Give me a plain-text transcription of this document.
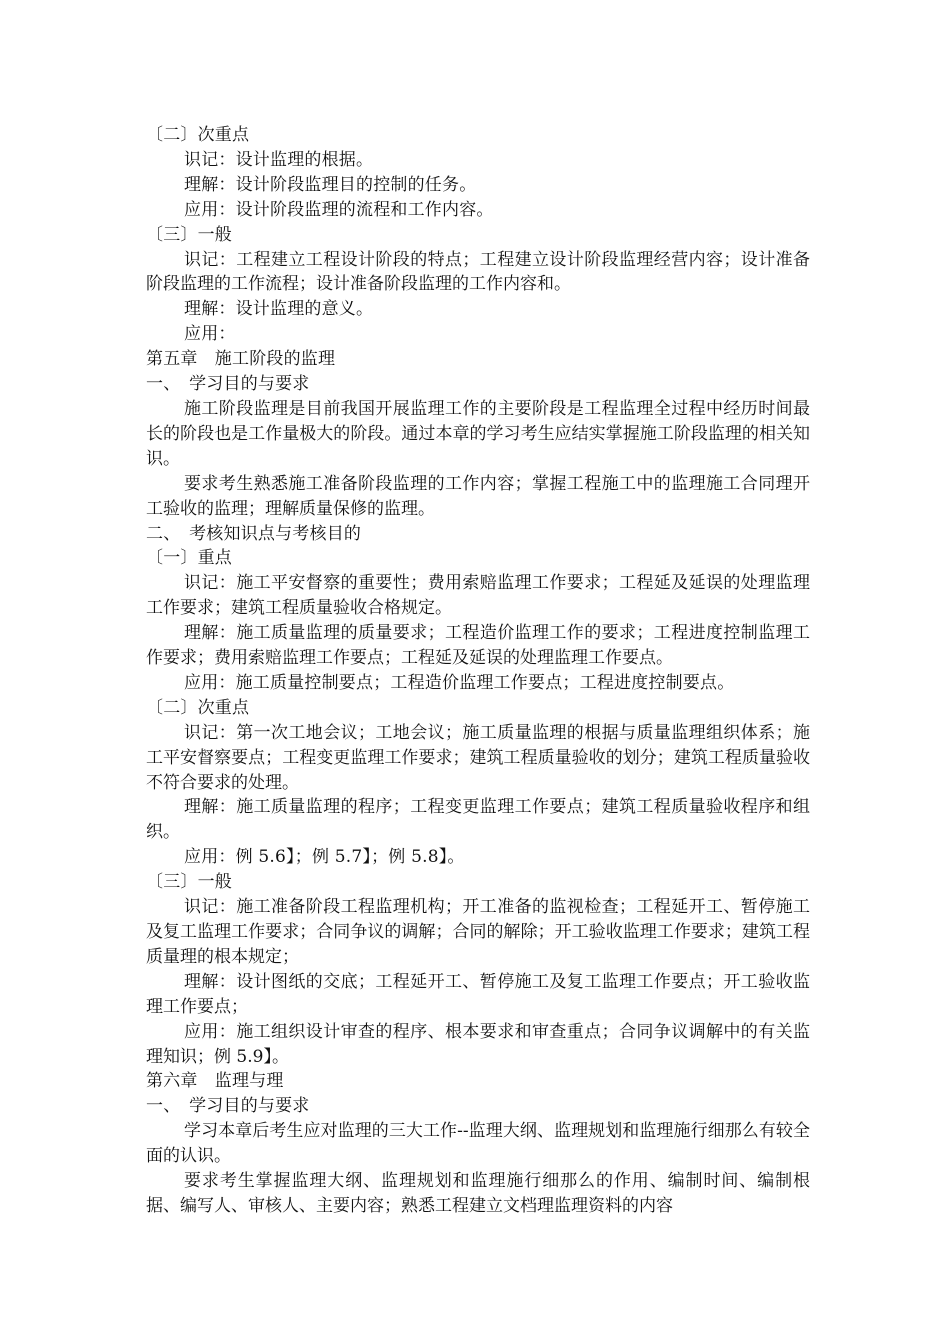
〔二〕次重点
识记：设计监理的根据。
理解：设计阶段监理目的控制的任务。
应用：设计阶段监理的流程和工作内容。
〔三〕一般
识记：工程建立工程设计阶段的特点；工程建立设计阶段监理经营内容；设计准备阶段监理的工作流程；设计准备阶段监理的工作内容和。
理解：设计监理的意义。
应用：
第五章　施工阶段的监理
一、　学习目的与要求
施工阶段监理是目前我国开展监理工作的主要阶段是工程监理全过程中经历时间最长的阶段也是工作量极大的阶段。通过本章的学习考生应结实掌握施工阶段监理的相关知识。
要求考生熟悉施工准备阶段监理的工作内容；掌握工程施工中的监理施工合同理开工验收的监理；理解质量保修的监理。
二、　考核知识点与考核目的
〔一〕重点
识记：施工平安督察的重要性；费用索赔监理工作要求；工程延及延误的处理监理工作要求；建筑工程质量验收合格规定。
理解：施工质量监理的质量要求；工程造价监理工作的要求；工程进度控制监理工作要求；费用索赔监理工作要点；工程延及延误的处理监理工作要点。
应用：施工质量控制要点；工程造价监理工作要点；工程进度控制要点。
〔二〕次重点
识记：第一次工地会议；工地会议；施工质量监理的根据与质量监理组织体系；施工平安督察要点；工程变更监理工作要求；建筑工程质量验收的划分；建筑工程质量验收不符合要求的处理。
理解：施工质量监理的程序；工程变更监理工作要点；建筑工程质量验收程序和组织。
应用：例 5.6】；例 5.7】；例 5.8】。
〔三〕一般
识记：施工准备阶段工程监理机构；开工准备的监视检查；工程延开工、暂停施工及复工监理工作要求；合同争议的调解；合同的解除；开工验收监理工作要求；建筑工程质量理的根本规定；
理解：设计图纸的交底；工程延开工、暂停施工及复工监理工作要点；开工验收监理工作要点；
应用：施工组织设计审查的程序、根本要求和审查重点；合同争议调解中的有关监理知识；例 5.9】。
第六章　监理与理
一、　学习目的与要求
学习本章后考生应对监理的三大工作--监理大纲、监理规划和监理施行细那么有较全面的认识。
要求考生掌握监理大纲、监理规划和监理施行细那么的作用、编制时间、编制根据、编写人、审核人、主要内容；熟悉工程建立文档理监理资料的内容
